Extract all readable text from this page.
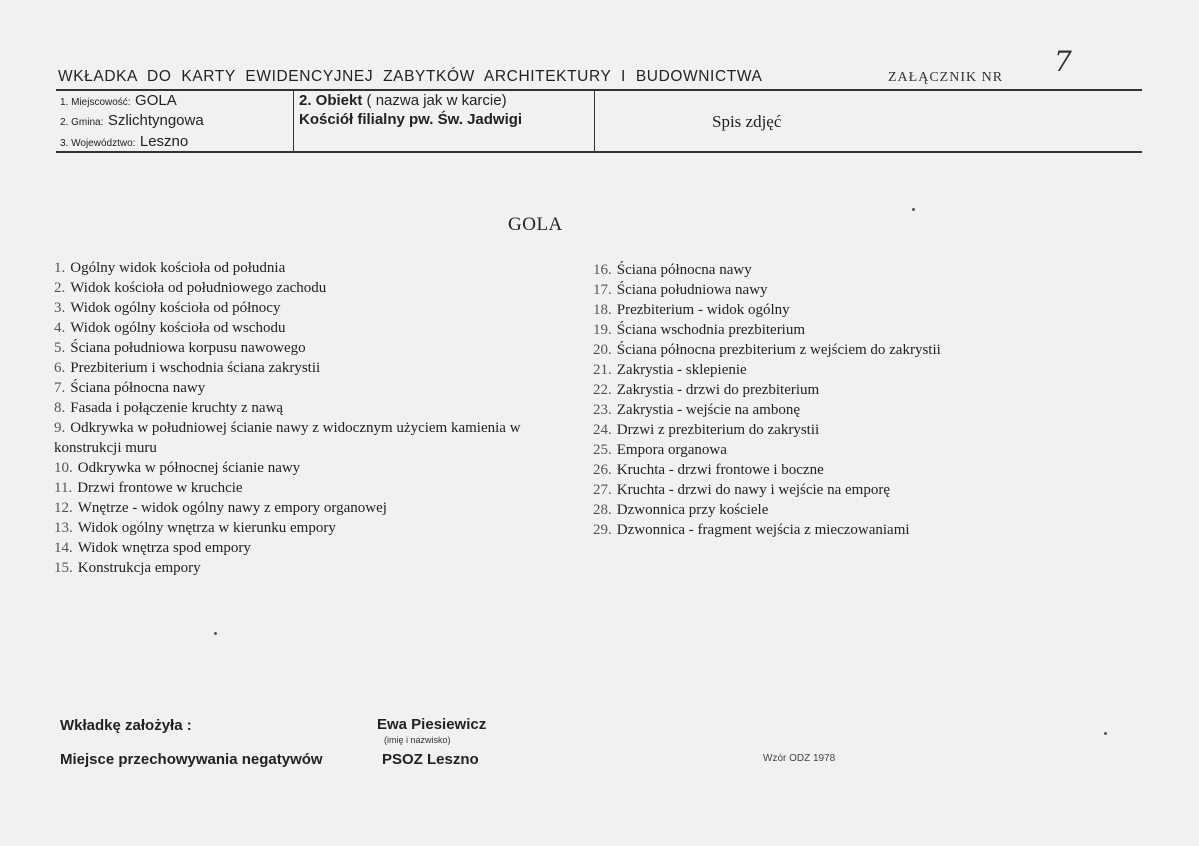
WKŁADKA DO KARTY EWIDENCYJNEJ ZABYTKÓW ARCHITEKTURY I BUDOWNICTWA	ZAŁĄCZNIK NR 7
1. Miejscowość: GOLA
2. Gmina: Szlichtyngowa
3. Województwo: Leszno
2. Obiekt ( nazwa jak w karcie)
Kościół filialny pw. Św. Jadwigi	Spis zdjęć
GOLA
1. Ogólny widok kościoła od południa
2. Widok kościoła od południowego zachodu
3. Widok ogólny kościoła od północy
4. Widok ogólny kościoła od wschodu
5. Ściana południowa korpusu nawowego
6. Prezbiterium i wschodnia ściana zakrystii
7. Ściana północna nawy
8. Fasada i połączenie kruchty z nawą
9. Odkrywka w południowej ścianie nawy z widocznym użyciem kamienia w
konstrukcji muru
10. Odkrywka w północnej ścianie nawy
11. Drzwi frontowe w kruchcie
12. Wnętrze - widok ogólny nawy z empory organowej
13. Widok ogólny wnętrza w kierunku empory
14. Widok wnętrza spod empory
15. Konstrukcja empory
16. Ściana północna nawy
17. Ściana południowa nawy
18. Prezbiterium - widok ogólny
19. Ściana wschodnia prezbiterium
20. Ściana północna prezbiterium z wejściem do zakrystii
21. Zakrystia - sklepienie
22. Zakrystia - drzwi do prezbiterium
23. Zakrystia - wejście na ambonę
24. Drzwi z prezbiterium do zakrystii
25. Empora organowa
26. Kruchta - drzwi frontowe i boczne
27. Kruchta - drzwi do nawy i wejście na emporę
28. Dzwonnica przy kościele
29. Dzwonnica - fragment wejścia z mieczowaniami
Wkładkę założyła :	Ewa Piesiewicz
(imię i nazwisko)
Miejsce przechowywania negatywów	PSOZ Leszno	Wzór ODZ 1978
